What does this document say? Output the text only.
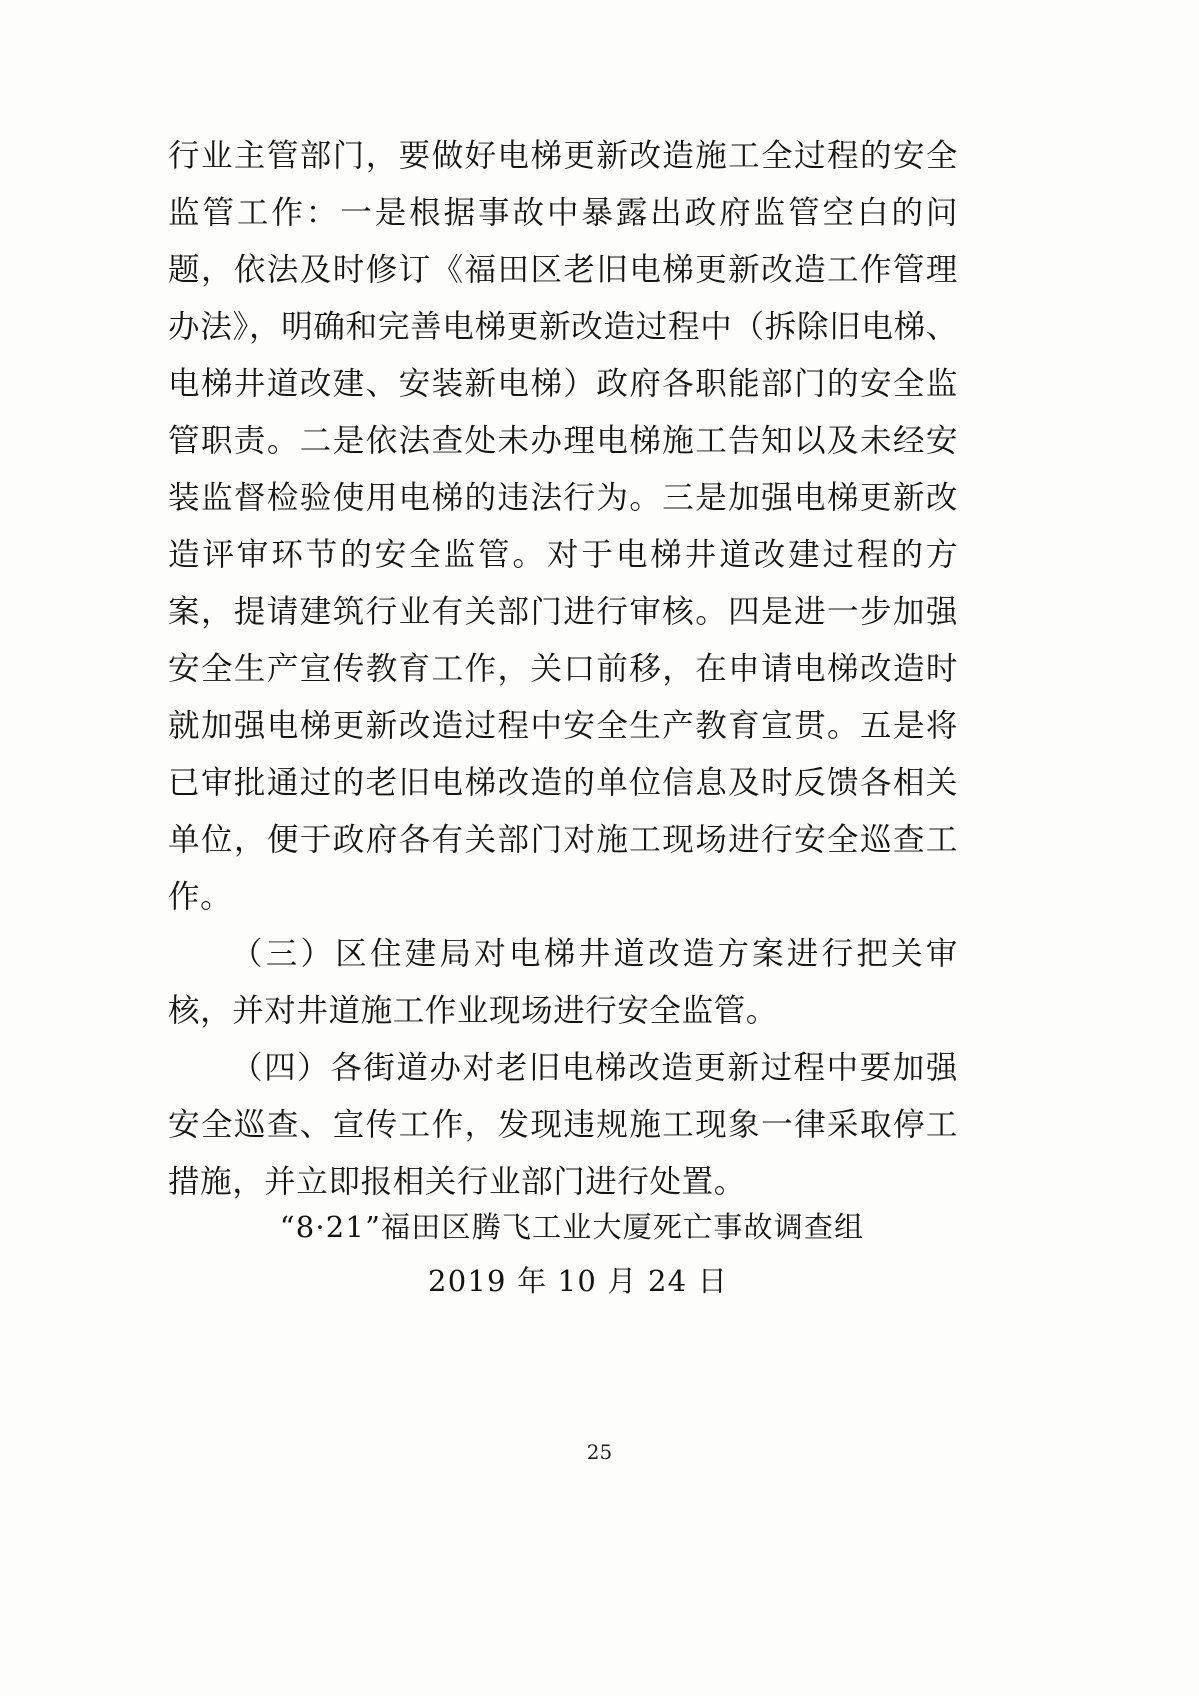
行业主管部门，要做好电梯更新改造施工全过程的安全监管工作：一是根据事故中暴露出政府监管空白的问题，依法及时修订《福田区老旧电梯更新改造工作管理办法》，明确和完善电梯更新改造过程中（拆除旧电梯、电梯井道改建、安装新电梯）政府各职能部门的安全监管职责。二是依法查处未办理电梯施工告知以及未经安装监督检验使用电梯的违法行为。三是加强电梯更新改造评审环节的安全监管。对于电梯井道改建过程的方案，提请建筑行业有关部门进行审核。四是进一步加强安全生产宣传教育工作，关口前移，在申请电梯改造时就加强电梯更新改造过程中安全生产教育宣贯。五是将已审批通过的老旧电梯改造的单位信息及时反馈各相关单位，便于政府各有关部门对施工现场进行安全巡查工作。

（三）区住建局对电梯井道改造方案进行把关审核，并对井道施工作业现场进行安全监管。

（四）各街道办对老旧电梯改造更新过程中要加强安全巡查、宣传工作，发现违规施工现象一律采取停工措施，并立即报相关行业部门进行处置。

“8·21”福田区腾飞工业大厦死亡事故调查组
2019 年 10 月 24 日
25
